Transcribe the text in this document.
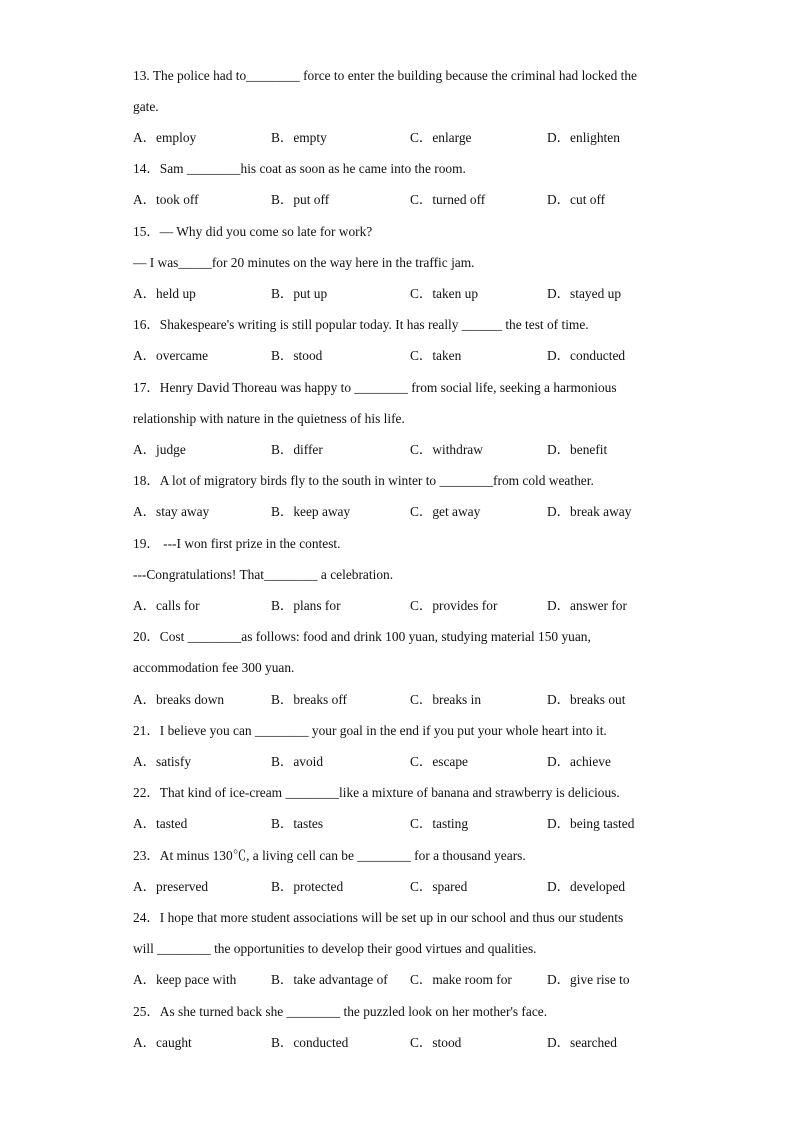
13. The police had to________ force to enter the building because the criminal had locked the
gate.
A．employ	B．empty	C．enlarge	D．enlighten
14．Sam ________his coat as soon as he came into the room.
A．took off	B．put off	C．turned off	D．cut off
15．— Why did you come so late for work?
— I was_____for 20 minutes on the way here in the traffic jam.
A．held up	B．put up	C．taken up	D．stayed up
16．Shakespeare's writing is still popular today. It has really ______ the test of time.
A．overcame	B．stood	C．taken	D．conducted
17．Henry David Thoreau was happy to ________ from social life, seeking a harmonious
relationship with nature in the quietness of his life.
A．judge	B．differ	C．withdraw	D．benefit
18．A lot of migratory birds fly to the south in winter to ________from cold weather.
A．stay away	B．keep away	C．get away	D．break away
19． ---I won first prize in the contest.
---Congratulations! That________ a celebration.
A．calls for	B．plans for	C．provides for	D．answer for
20．Cost ________as follows: food and drink 100 yuan, studying material 150 yuan,
accommodation fee 300 yuan.
A．breaks down	B．breaks off	C．breaks in	D．breaks out
21．I believe you can ________ your goal in the end if you put your whole heart into it.
A．satisfy	B．avoid	C．escape	D．achieve
22．That kind of ice-cream ________like a mixture of banana and strawberry is delicious.
A．tasted	B．tastes	C．tasting	D．being tasted
23．At minus 130℃, a living cell can be ________ for a thousand years.
A．preserved	B．protected	C．spared	D．developed
24．I hope that more student associations will be set up in our school and thus our students
will ________ the opportunities to develop their good virtues and qualities.
A．keep pace with	B．take advantage of C．make room for	D．give rise to
25．As she turned back she ________ the puzzled look on her mother's face.
A．caught	B．conducted	C．stood	D．searched
